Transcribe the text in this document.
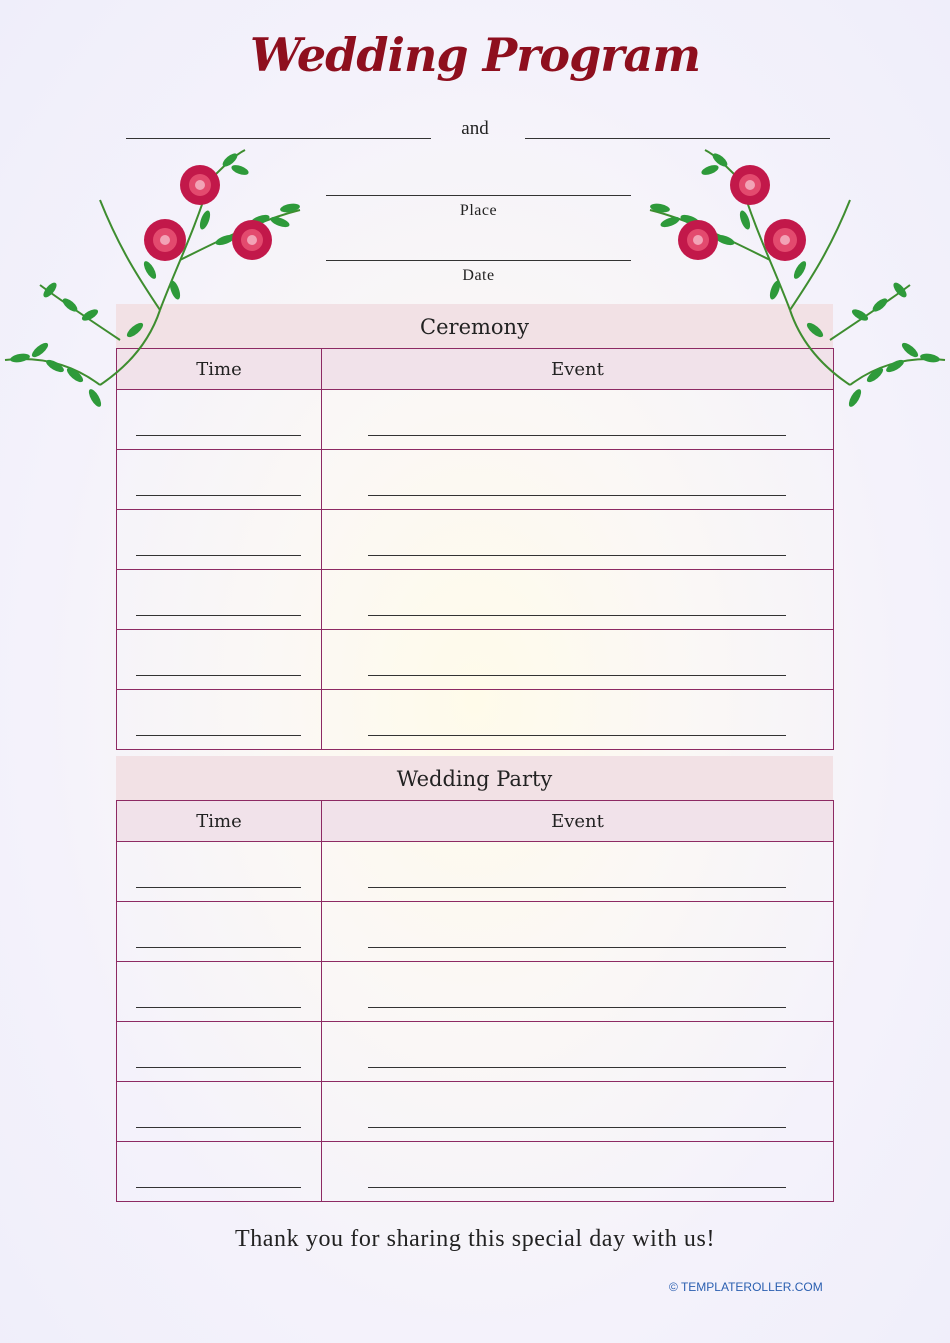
Wedding Program
and
Place
Date
Ceremony
Time	Event

Wedding Party
Time	Event

Thank you for sharing this special day with us!
© TEMPLATEROLLER.COM
